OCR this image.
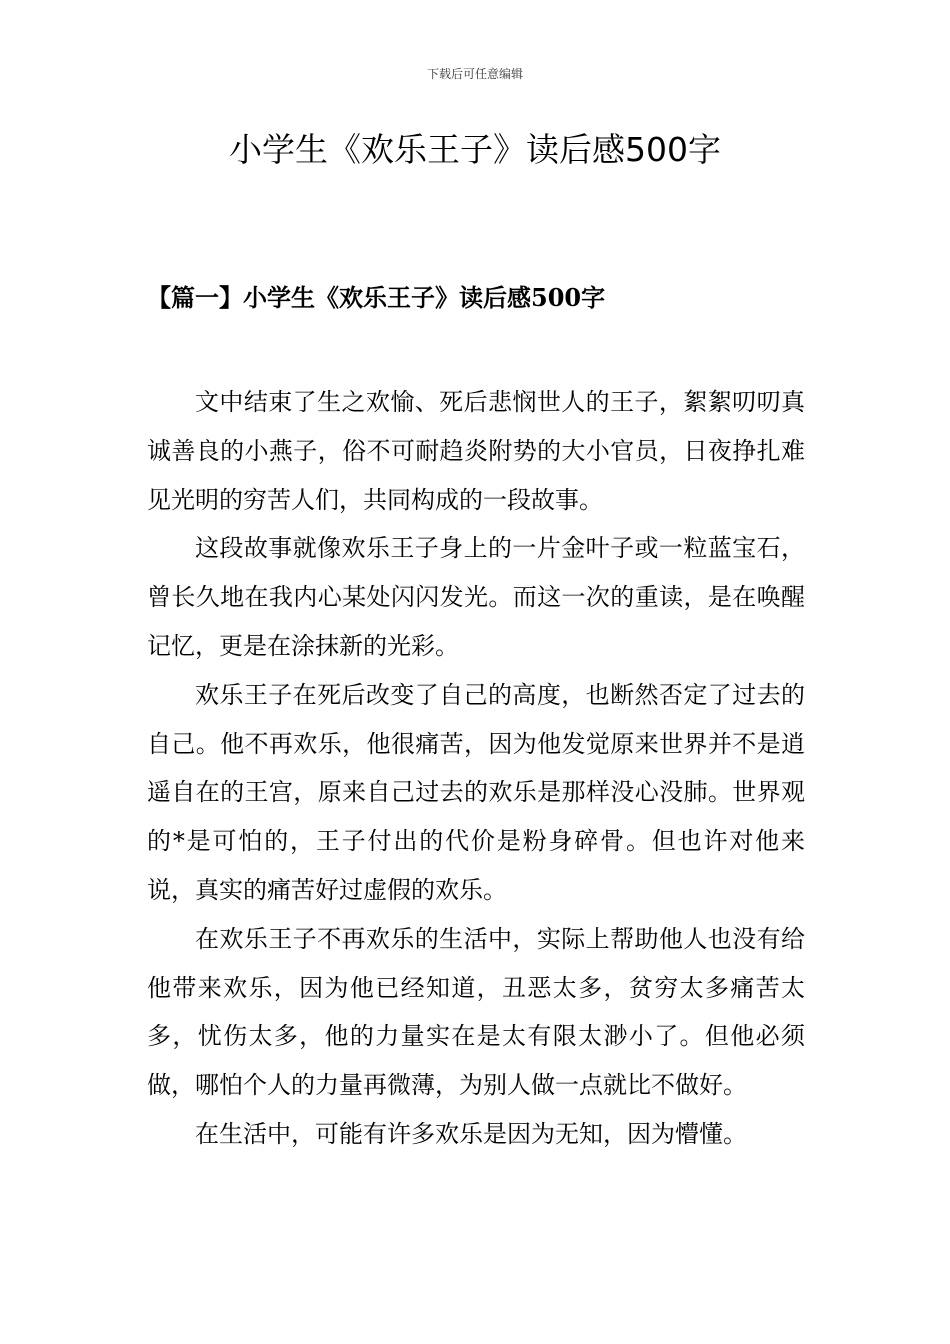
下载后可任意编辑
小学生《欢乐王子》读后感500字
【篇一】小学生《欢乐王子》读后感500字

文中结束了生之欢愉、死后悲悯世人的王子，絮絮叨叨真诚善良的小燕子，俗不可耐趋炎附势的大小官员，日夜挣扎难见光明的穷苦人们，共同构成的一段故事。

这段故事就像欢乐王子身上的一片金叶子或一粒蓝宝石，曾长久地在我内心某处闪闪发光。而这一次的重读，是在唤醒记忆，更是在涂抹新的光彩。

欢乐王子在死后改变了自己的高度，也断然否定了过去的自己。他不再欢乐，他很痛苦，因为他发觉原来世界并不是逍遥自在的王宫，原来自己过去的欢乐是那样没心没肺。世界观的*是可怕的，王子付出的代价是粉身碎骨。但也许对他来说，真实的痛苦好过虚假的欢乐。

在欢乐王子不再欢乐的生活中，实际上帮助他人也没有给他带来欢乐，因为他已经知道，丑恶太多，贫穷太多痛苦太多，忧伤太多，他的力量实在是太有限太渺小了。但他必须做，哪怕个人的力量再微薄，为别人做一点就比不做好。

在生活中，可能有许多欢乐是因为无知，因为懵懂。
